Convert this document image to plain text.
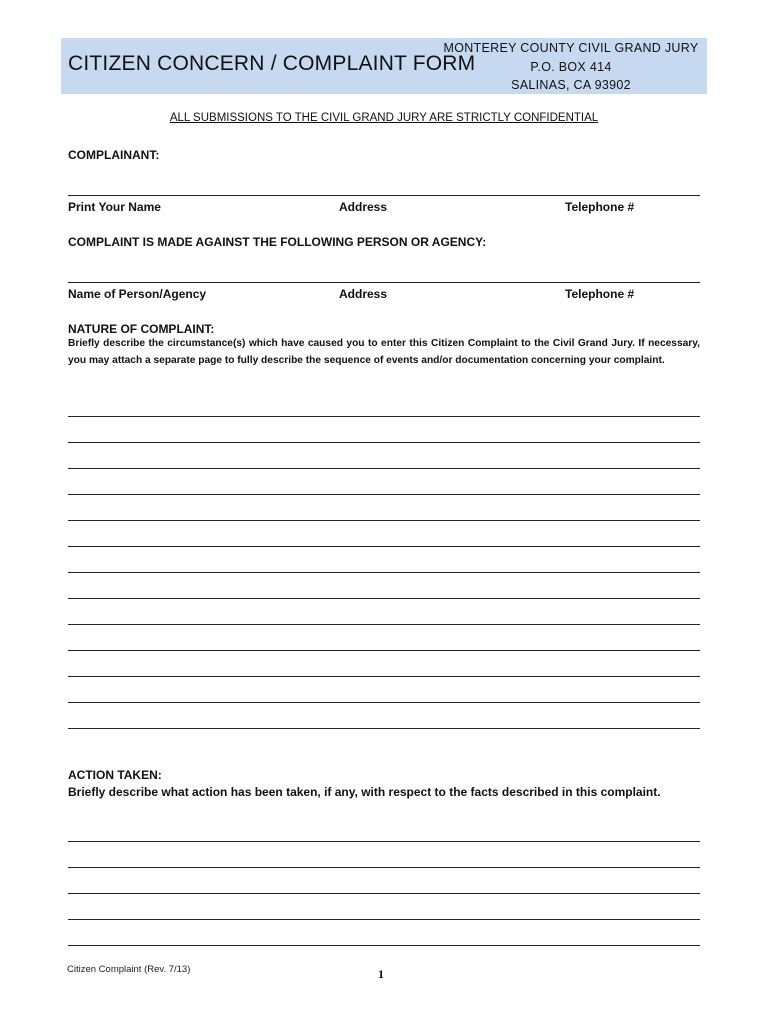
CITIZEN CONCERN / COMPLAINT FORM
MONTEREY COUNTY CIVIL GRAND JURY
P.O. BOX 414
SALINAS, CA 93902
ALL SUBMISSIONS TO THE CIVIL GRAND JURY ARE STRICTLY CONFIDENTIAL
COMPLAINANT:
Print Your Name	Address	Telephone #
COMPLAINT IS MADE AGAINST THE FOLLOWING PERSON OR AGENCY:
Name of Person/Agency	Address	Telephone #
NATURE OF COMPLAINT:
Briefly describe the circumstance(s) which have caused you to enter this Citizen Complaint to the Civil Grand Jury. If necessary, you may attach a separate page to fully describe the sequence of events and/or documentation concerning your complaint.
ACTION TAKEN:
Briefly describe what action has been taken, if any, with respect to the facts described in this complaint.
Citizen Complaint (Rev. 7/13)	1
